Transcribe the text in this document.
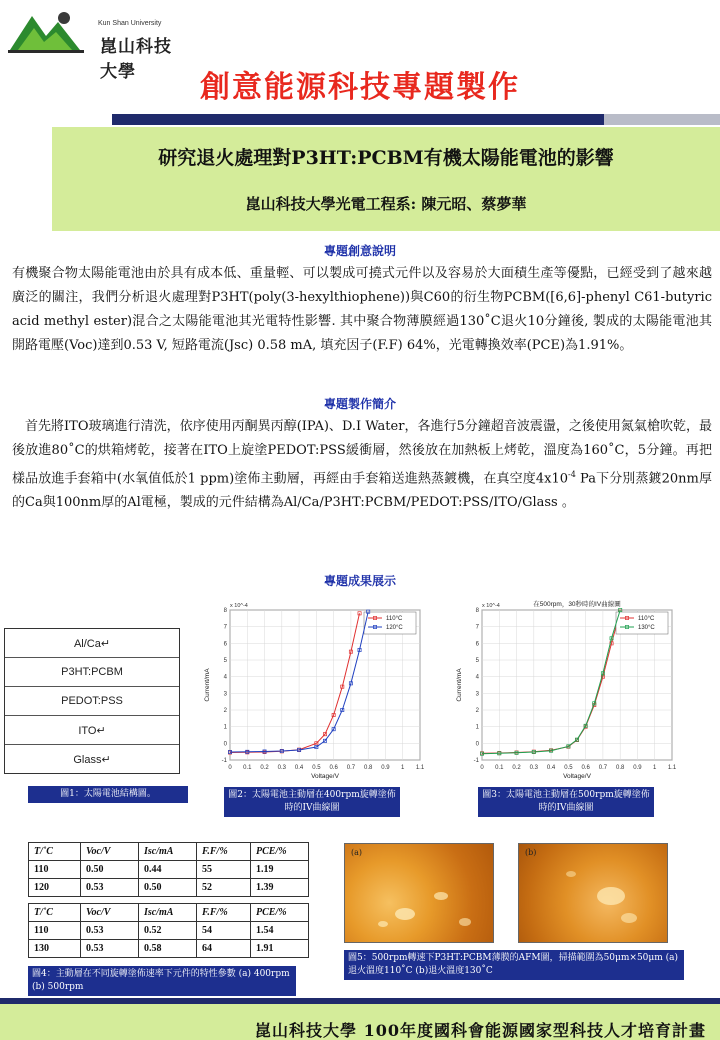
Kun Shan University
崑山科技大學	創意能源科技專題製作
研究退火處理對P3HT:PCBM有機太陽能電池的影響
崑山科技大學光電工程系: 陳元昭、蔡夢華
專題創意說明
有機聚合物太陽能電池由於具有成本低、重量輕、可以製成可撓式元件以及容易於大面積生產等優點，已經受到了越來越廣泛的關注，我們分析退火處理對P3HT(poly(3-hexylthiophene))與C60的衍生物PCBM([6,6]-phenyl C61-butyric acid methyl ester)混合之太陽能電池其光電特性影響. 其中聚合物薄膜經過130˚C退火10分鐘後, 製成的太陽能電池其開路電壓(Voc)達到0.53 V, 短路電流(Jsc) 0.58 mA, 填充因子(F.F) 64%，光電轉換效率(PCE)為1.91%。
專題製作簡介
首先將ITO玻璃進行清洗，依序使用丙酮異丙醇(IPA)、D.I Water，各進行5分鐘超音波震盪，之後使用氮氣槍吹乾，最後放進80˚C的烘箱烤乾，接著在ITO上旋塗PEDOT:PSS緩衝層，然後放在加熱板上烤乾，溫度為160˚C，5分鐘。再把樣品放進手套箱中(水氧值低於1 ppm)塗佈主動層，再經由手套箱送進熱蒸鍍機，在真空度$4x10^{-4}$ Pa下分別蒸鍍20nm厚的Ca與100nm厚的Al電極，製成的元件結構為Al/Ca/P3HT:PCBM/PEDOT:PSS/ITO/Glass 。
專題成果展示
Al/Ca↵
P3HT:PCBM
PEDOT:PSS
ITO↵
Glass↵
圖1：太陽電池結構圖。
-1
0
1
2
3
4
5
6
7
8
0 0.1 0.2 0.3 0.4 0.5 0.6 0.7 0.8 0.9 1 1.1
x 10^-4
Voltage/V
Current/mA
110°C
120°C
在500rpm，30秒時的IV曲線圖
-1
0
1
2
3
4
5
6
7
8
0 0.1 0.2 0.3 0.4 0.5 0.6 0.7 0.8 0.9 1 1.1
x 10^-4
Voltage/V
Current/mA
110°C
130°C
圖2：太陽電池主動層在400rpm旋轉塗佈時的IV曲線圖
圖3：太陽電池主動層在500rpm旋轉塗佈時的IV曲線圖
T/˚C	Voc/V	Isc/mA	F.F/%	PCE/%
110	0.50	0.44	55	1.19
120	0.53	0.50	52	1.39
T/˚C	Voc/V	Isc/mA	F.F/%	PCE/%
110	0.53	0.52	54	1.54
130	0.53	0.58	64	1.91
圖4：主動層在不同旋轉塗佈速率下元件的特性參數 (a) 400rpm (b) 500rpm
(a)	(b)
圖5：500rpm轉速下P3HT:PCBM薄膜的AFM圖，掃描範圍為50μm×50μm (a)退火溫度110˚C (b)退火溫度130˚C
崑山科技大學 100年度國科會能源國家型科技人才培育計畫
